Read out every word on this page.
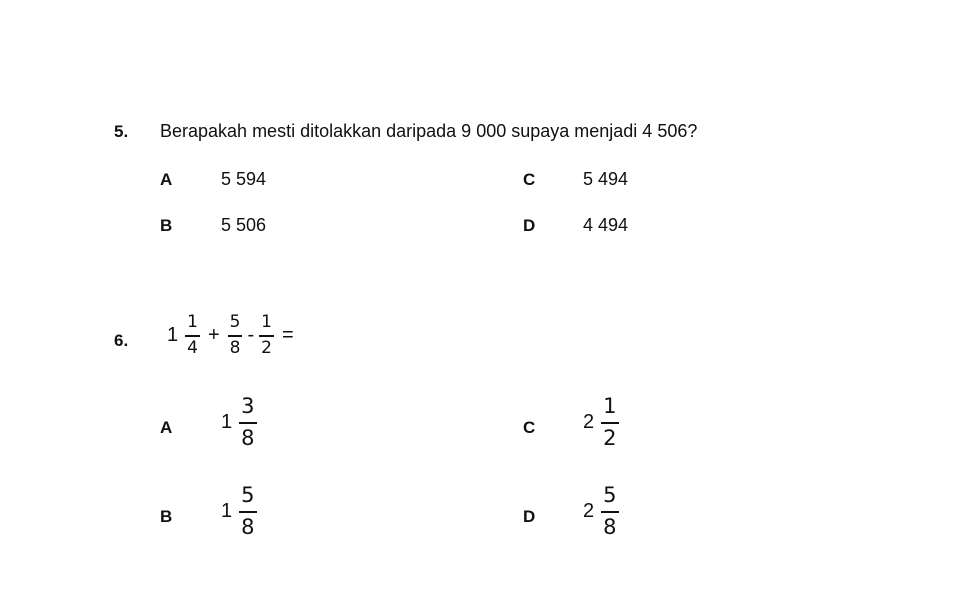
5. Berapakah mesti ditolakkan daripada 9 000 supaya menjadi 4 506?
A	5 594	C	5 494
B	5 506	D	4 494
6. $1 \frac{1}{4} + \frac{5}{8} - \frac{1}{2}$ =
A $1 \frac{3}{8}$	C $2 \frac{1}{2}$
B $1 \frac{5}{8}$	D $2 \frac{5}{8}$
